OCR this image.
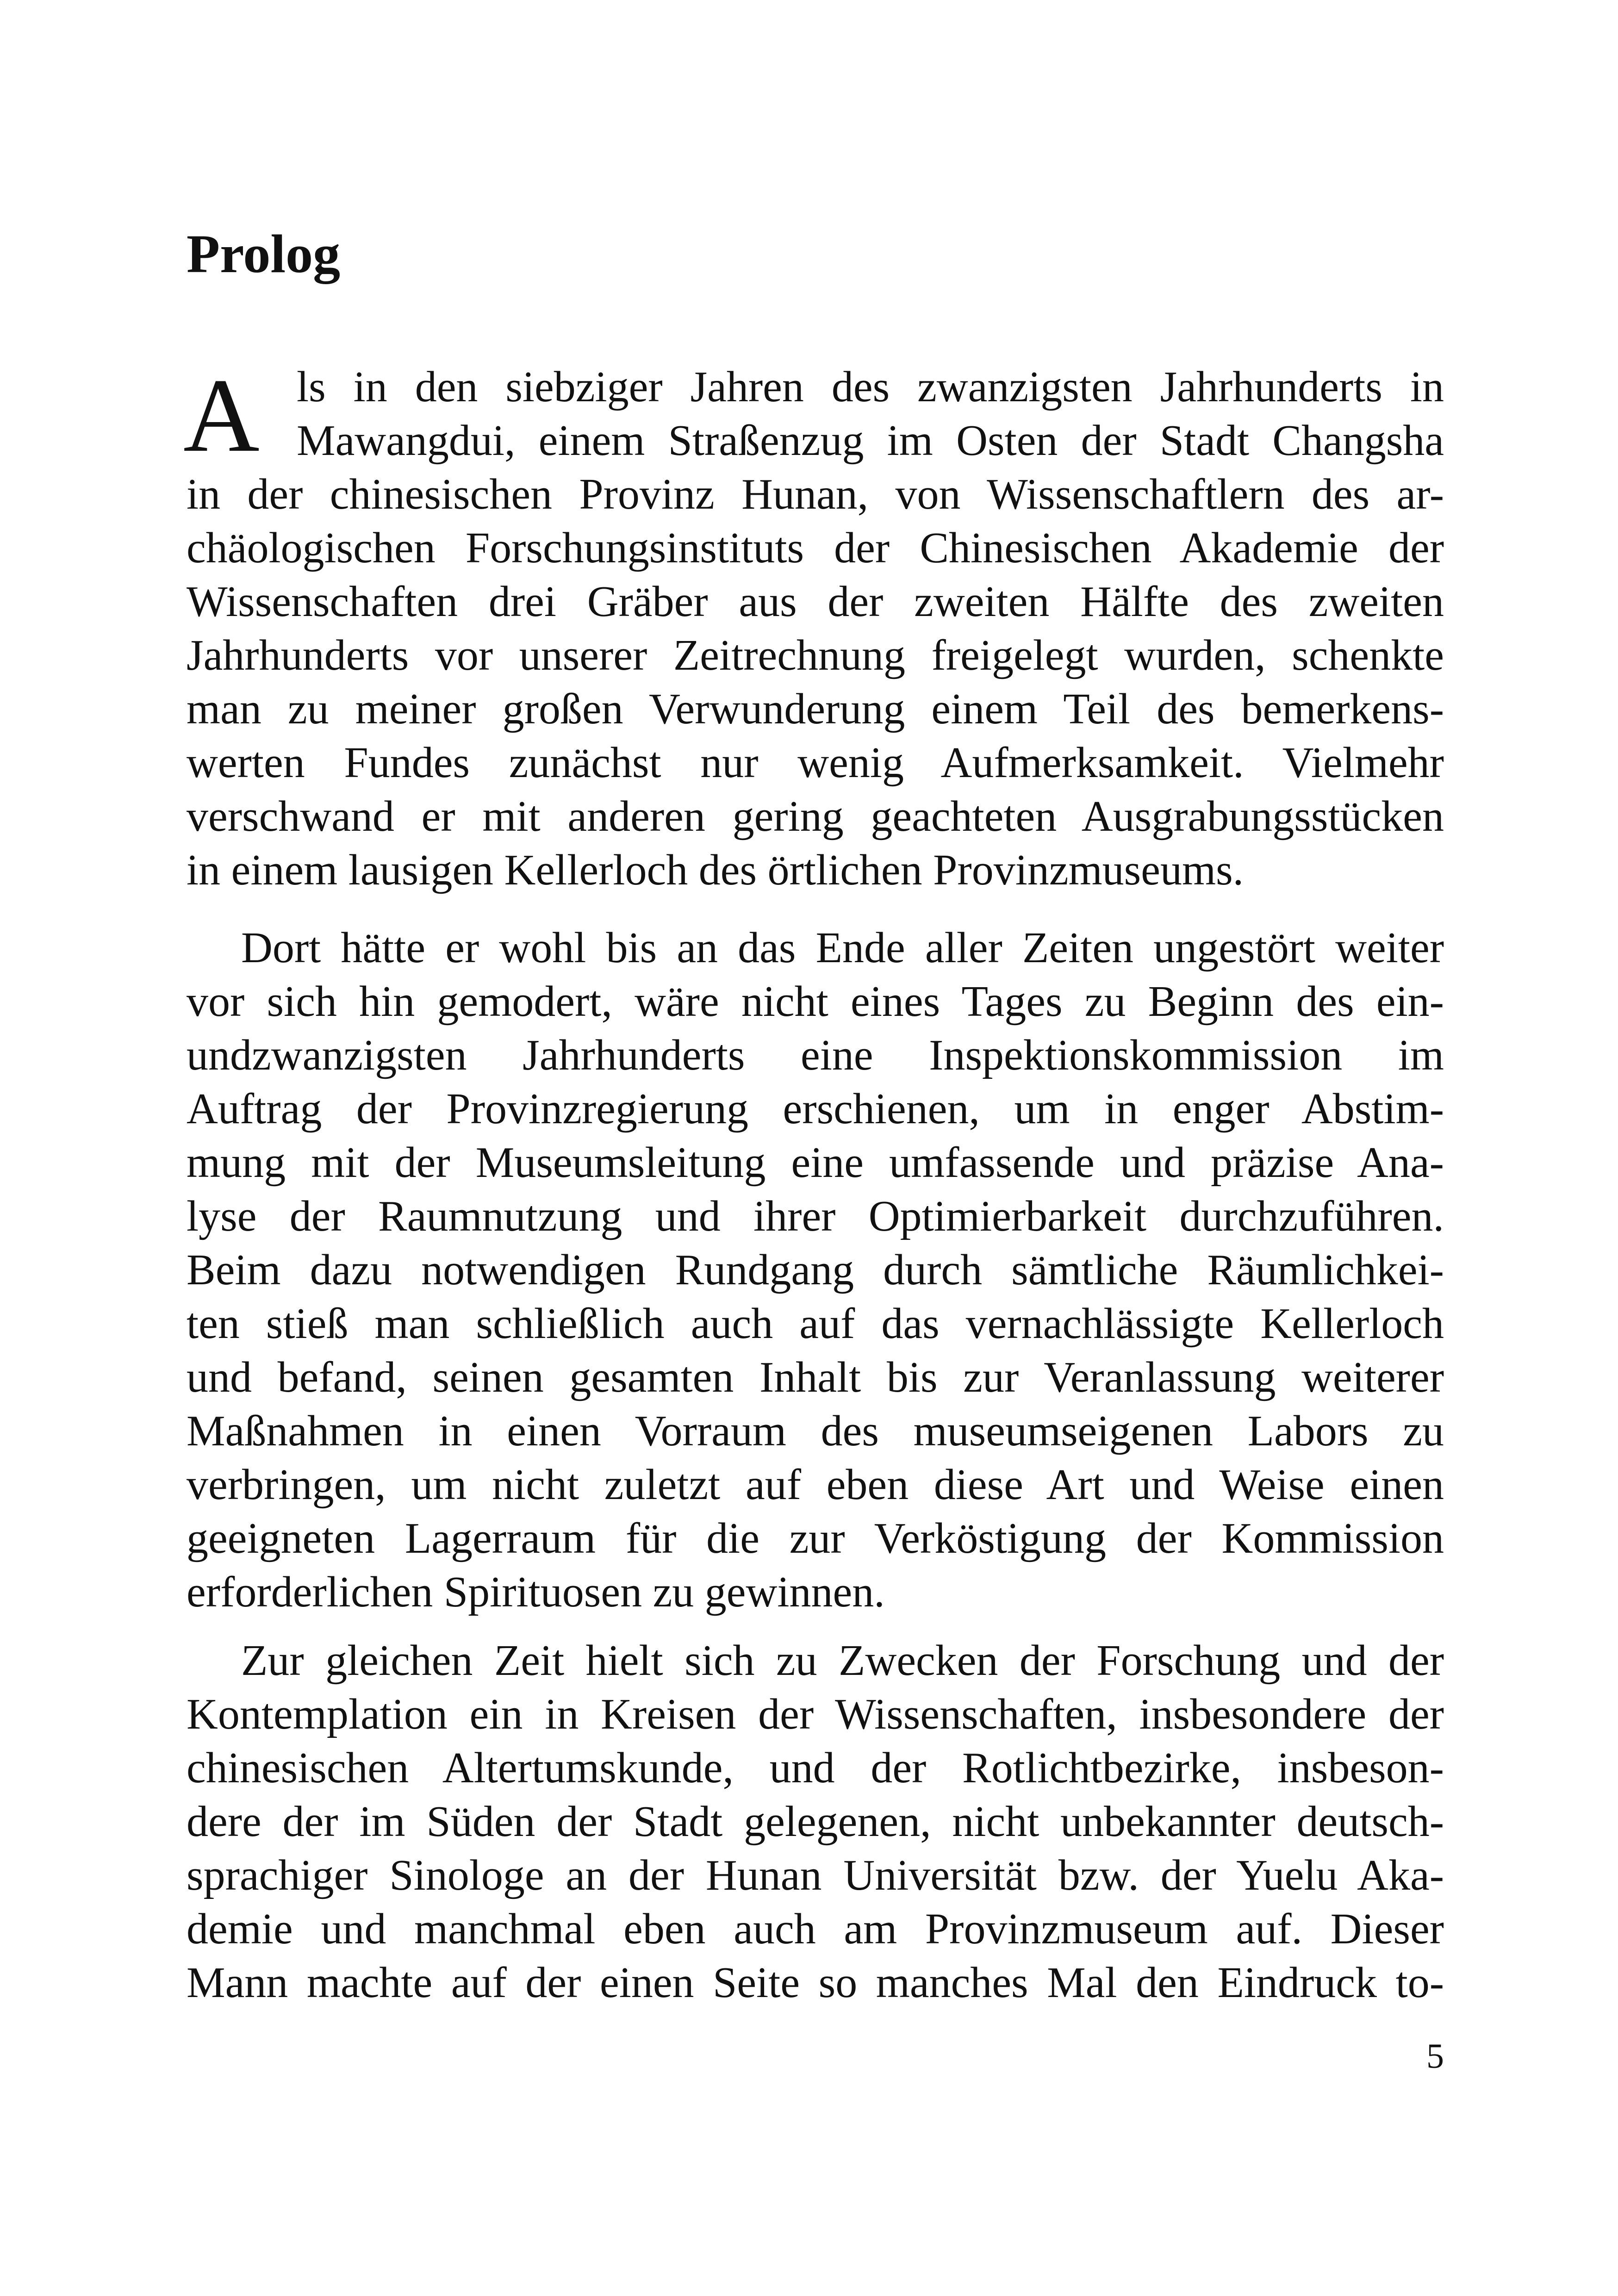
Prolog
A ls in den siebziger Jahren des zwanzigsten Jahrhunderts in
Mawangdui, einem Straßenzug im Osten der Stadt Changsha
in der chinesischen Provinz Hunan, von Wissenschaftlern des ar-
chäologischen Forschungsinstituts der Chinesischen Akademie der
Wissenschaften drei Gräber aus der zweiten Hälfte des zweiten
Jahrhunderts vor unserer Zeitrechnung freigelegt wurden, schenkte
man zu meiner großen Verwunderung einem Teil des bemerkens-
werten Fundes zunächst nur wenig Aufmerksamkeit. Vielmehr
verschwand er mit anderen gering geachteten Ausgrabungsstücken
in einem lausigen Kellerloch des örtlichen Provinzmuseums.
Dort hätte er wohl bis an das Ende aller Zeiten ungestört weiter
vor sich hin gemodert, wäre nicht eines Tages zu Beginn des ein-
undzwanzigsten Jahrhunderts eine Inspektionskommission im
Auftrag der Provinzregierung erschienen, um in enger Abstim-
mung mit der Museumsleitung eine umfassende und präzise Ana-
lyse der Raumnutzung und ihrer Optimierbarkeit durchzuführen.
Beim dazu notwendigen Rundgang durch sämtliche Räumlichkei-
ten stieß man schließlich auch auf das vernachlässigte Kellerloch
und befand, seinen gesamten Inhalt bis zur Veranlassung weiterer
Maßnahmen in einen Vorraum des museumseigenen Labors zu
verbringen, um nicht zuletzt auf eben diese Art und Weise einen
geeigneten Lagerraum für die zur Verköstigung der Kommission
erforderlichen Spirituosen zu gewinnen.
Zur gleichen Zeit hielt sich zu Zwecken der Forschung und der
Kontemplation ein in Kreisen der Wissenschaften, insbesondere der
chinesischen Altertumskunde, und der Rotlichtbezirke, insbeson-
dere der im Süden der Stadt gelegenen, nicht unbekannter deutsch-
sprachiger Sinologe an der Hunan Universität bzw. der Yuelu Aka-
demie und manchmal eben auch am Provinzmuseum auf. Dieser
Mann machte auf der einen Seite so manches Mal den Eindruck to-
5
